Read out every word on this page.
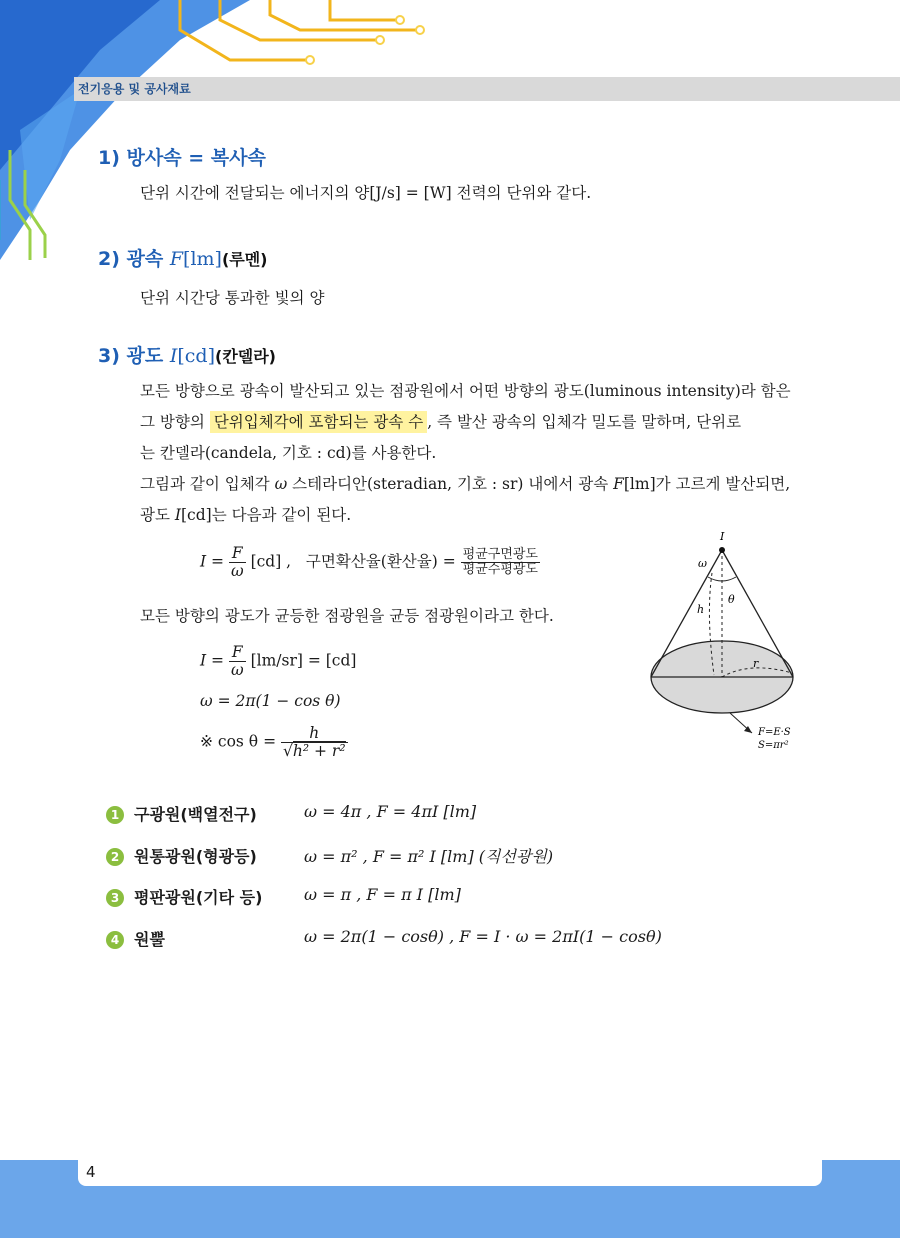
전기응용 및 공사재료
1) 방사속 = 복사속
단위 시간에 전달되는 에너지의 양[J/s] = [W] 전력의 단위와 같다.
2) 광속 F[lm](루멘)
단위 시간당 통과한 빛의 양
3) 광도 I[cd](칸델라)
모든 방향으로 광속이 발산되고 있는 점광원에서 어떤 방향의 광도(luminous intensity)라 함은
그 방향의 단위입체각에 포함되는 광속 수 , 즉 발산 광속의 입체각 밀도를 말하며, 단위로
는 칸델라(candela, 기호 : cd)를 사용한다.
그림과 같이 입체각 ω 스테라디안(steradian, 기호 : sr) 내에서 광속 F[lm]가 고르게 발산되면,
광도 I[cd]는 다음과 같이 된다.
$I = \frac{F}{\omega} [cd]$ , 구면확산율(환산율) = $\frac{\text{평균구면광도}}{\text{평균수평광도}}$
모든 방향의 광도가 균등한 점광원을 균등 점광원이라고 한다.
$I = \frac{F}{\omega} [lm/sr] = [cd]$
ω = 2π(1 − cos θ)
※ $\cos \theta = \frac{h}{\text{√h² + r²}}$
I
ω
θ
h
r
F=E·S
S=πr²
1 구광원(백열전구)	ω = 4π , F = 4πI [lm]
2 원통광원(형광등)	ω = π² , F = π² I [lm] (직선광원)
3 평판광원(기타 등)	ω = π , F = π I [lm]
4 원뿔	ω = 2π(1 − cosθ) , F = I · ω = 2πI(1 − cosθ)
4
